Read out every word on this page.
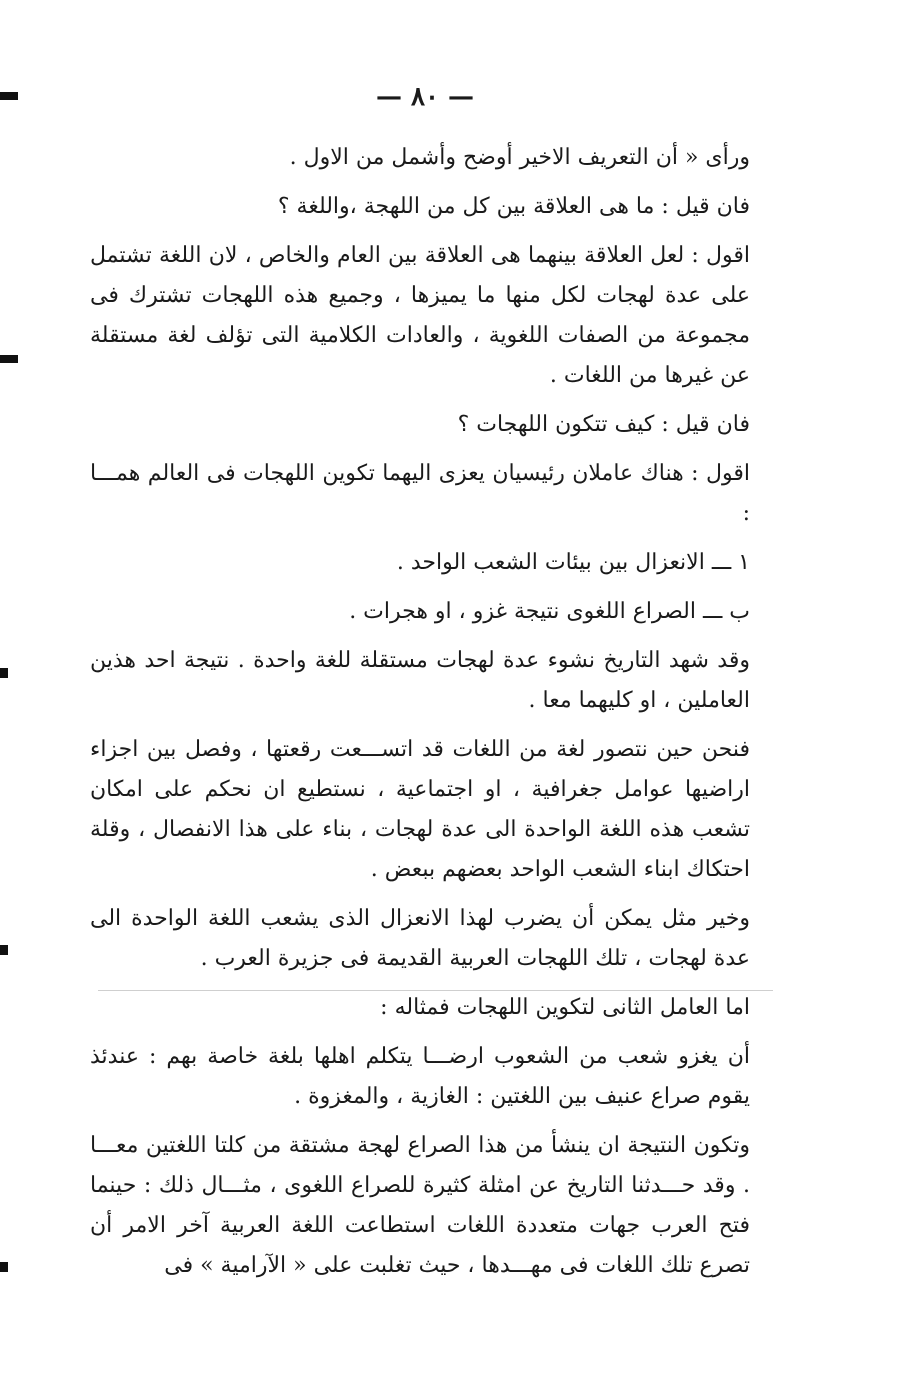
— ٨٠ —

ورأى « أن التعريف الاخير أوضح وأشمل من الاول .

فان قيل : ما هى العلاقة بين كل من اللهجة ،واللغة ؟

اقول : لعل العلاقة بينهما هى العلاقة بين العام والخاص ، لان اللغة تشتمل على عدة لهجات لكل منها ما يميزها ، وجميع هذه اللهجات تشترك فى مجموعة من الصفات اللغوية ، والعادات الكلامية التى تؤلف لغة مستقلة عن غيرها من اللغات .

فان قيل : كيف تتكون اللهجات ؟

اقول : هناك عاملان رئيسيان يعزى اليهما تكوين اللهجات فى العالم همـــا :

١ ـــ الانعزال بين بيئات الشعب الواحد .

ب ـــ الصراع اللغوى نتيجة غزو ، او هجرات .

وقد شهد التاريخ نشوء عدة لهجات مستقلة للغة واحدة . نتيجة احد هذين العاملين ، او كليهما معا .

فنحن حين نتصور لغة من اللغات قد اتســـعت رقعتها ، وفصل بين اجزاء اراضيها عوامل جغرافية ، او اجتماعية ، نستطيع ان نحكم على امكان تشعب هذه اللغة الواحدة الى عدة لهجات ، بناء على هذا الانفصال ، وقلة احتكاك ابناء الشعب الواحد بعضهم ببعض .

وخير مثل يمكن أن يضرب لهذا الانعزال الذى يشعب اللغة الواحدة الى عدة لهجات ، تلك اللهجات العربية القديمة فى جزيرة العرب .

اما العامل الثانى لتكوين اللهجات فمثاله :

أن يغزو شعب من الشعوب ارضـــا يتكلم اهلها بلغة خاصة بهم : عندئذ يقوم صراع عنيف بين اللغتين : الغازية ، والمغزوة .

وتكون النتيجة ان ينشأ من هذا الصراع لهجة مشتقة من كلتا اللغتين معـــا . وقد حـــدثنا التاريخ عن امثلة كثيرة للصراع اللغوى ، مثـــال ذلك : حينما فتح العرب جهات متعددة اللغات استطاعت اللغة العربية آخر الامر أن تصرع تلك اللغات فى مهـــدها ، حيث تغلبت على « الآرامية » فى
